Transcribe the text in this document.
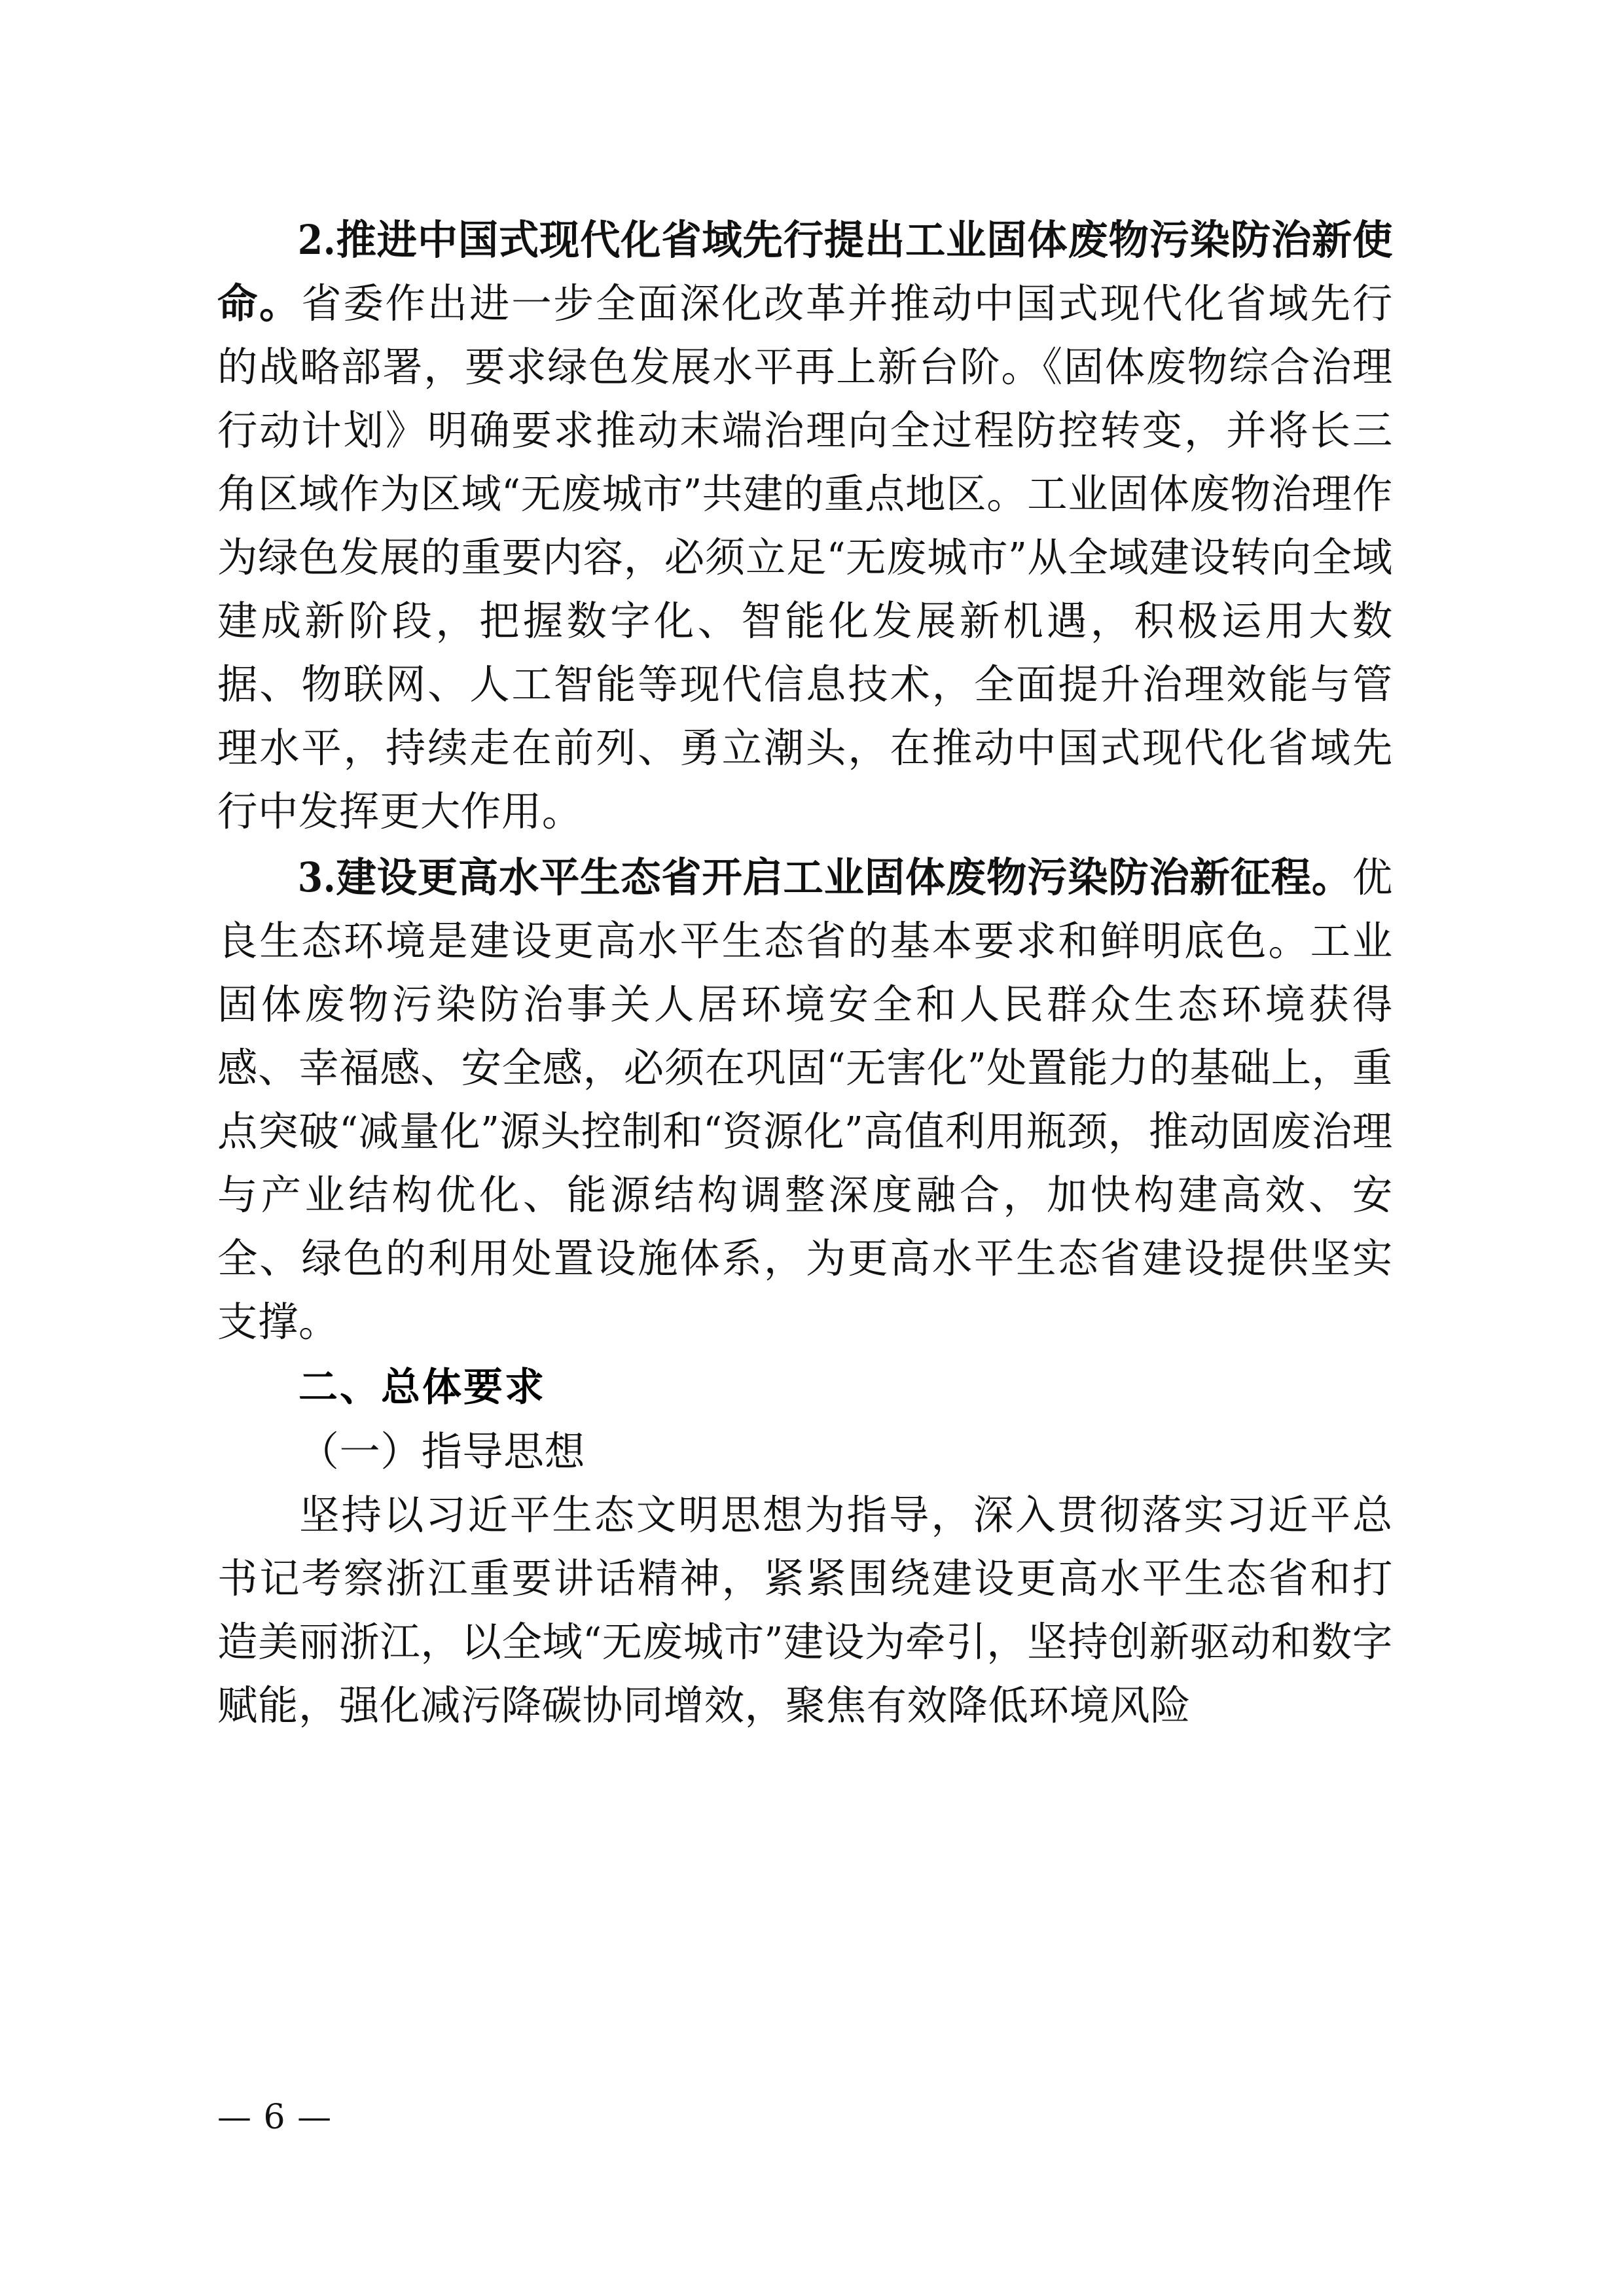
2.推进中国式现代化省域先行提出工业固体废物污染防治新使命。省委作出进一步全面深化改革并推动中国式现代化省域先行的战略部署，要求绿色发展水平再上新台阶。《固体废物综合治理行动计划》明确要求推动末端治理向全过程防控转变，并将长三角区域作为区域“无废城市”共建的重点地区。工业固体废物治理作为绿色发展的重要内容，必须立足“无废城市”从全域建设转向全域建成新阶段，把握数字化、智能化发展新机遇，积极运用大数据、物联网、人工智能等现代信息技术，全面提升治理效能与管理水平，持续走在前列、勇立潮头，在推动中国式现代化省域先行中发挥更大作用。

3.建设更高水平生态省开启工业固体废物污染防治新征程。优良生态环境是建设更高水平生态省的基本要求和鲜明底色。工业固体废物污染防治事关人居环境安全和人民群众生态环境获得感、幸福感、安全感，必须在巩固“无害化”处置能力的基础上，重点突破“减量化”源头控制和“资源化”高值利用瓶颈，推动固废治理与产业结构优化、能源结构调整深度融合，加快构建高效、安全、绿色的利用处置设施体系，为更高水平生态省建设提供坚实支撑。

二、总体要求

（一）指导思想

坚持以习近平生态文明思想为指导，深入贯彻落实习近平总书记考察浙江重要讲话精神，紧紧围绕建设更高水平生态省和打造美丽浙江，以全域“无废城市”建设为牵引，坚持创新驱动和数字赋能，强化减污降碳协同增效，聚焦有效降低环境风险

— 6 —
